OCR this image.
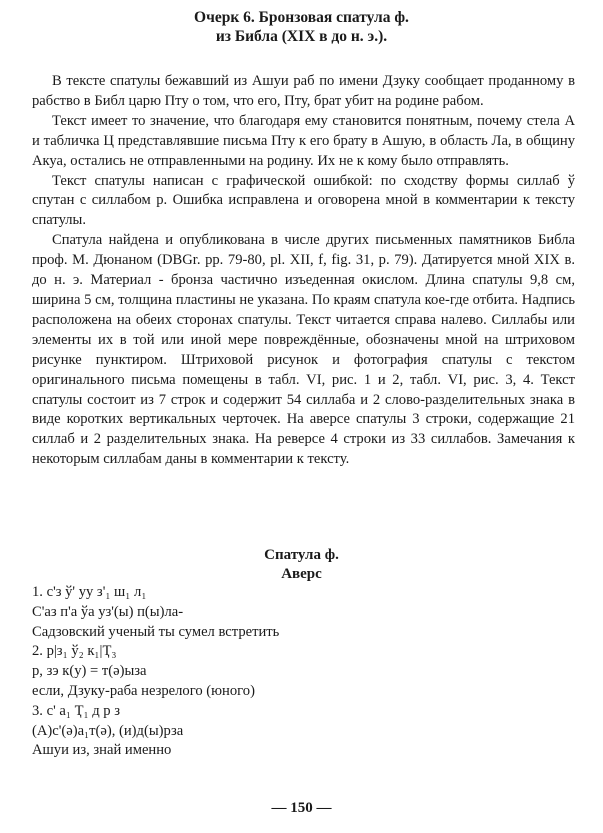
Очерк 6. Бронзовая спатула ф.
из Библа (XIX в до н. э.).

В тексте спатулы бежавший из Ашуи раб по имени Дзуку сообщает проданному в рабство в Библ царю Пту о том, что его, Пту, брат убит на родине рабом.

Текст имеет то значение, что благодаря ему становится понятным, почему стела А и табличка Ц представлявшие письма Пту к его брату в Ашую, в область Ла, в общину Акуа, остались не отправленными на родину. Их не к кому было отправлять.

Текст спатулы написан с графической ошибкой: по сходству формы силлаб ў спутан с силлабом р. Ошибка исправлена и оговорена мной в комментарии к тексту спатулы.

Спатула найдена и опубликована в числе других письменных памятников Библа проф. М. Дюнаном (DBGr. pp. 79-80, pl. XII, f, fig. 31, p. 79). Датируется мной XIX в. до н. э. Материал - бронза частично изъеденная окислом. Длина спатулы 9,8 см, ширина 5 см, толщина пластины не указана. По краям спатула кое-где отбита. Надпись расположена на обеих сторонах спатулы. Текст читается справа налево. Силлабы или элементы их в той или иной мере повреждённые, обозначены мной на штриховом рисунке пунктиром. Штриховой рисунок и фотография спатулы с текстом оригинального письма помещены в табл. VI, рис. 1 и 2, табл. VI, рис. 3, 4. Текст спатулы состоит из 7 строк и содержит 54 силлаба и 2 слово-разделительных знака в виде коротких вертикальных черточек. На аверсе спатулы 3 строки, содержащие 21 силлаб и 2 разделительных знака. На реверсе 4 строки из 33 силлабов. Замечания к некоторым силлабам даны в комментарии к тексту.

Спатула ф.
Аверс
1. с'з ў' уу з'₁ ш₁ л₁
С'аз п'а ўа уз'(ы) п(ы)ла-
Садзовский ученый ты сумел встретить
2. р|з₁ ў₂ к₁|Ҭ₃
р, зэ к(у) = т(ә)ыза
если, Дзуку-раба незрелого (юного)
3. с' а₁ Ҭ₁ д р з
(А)с'(ә)а₁т(ә), (и)д(ы)рза
Ашуи из, знай именно
— 150 —
